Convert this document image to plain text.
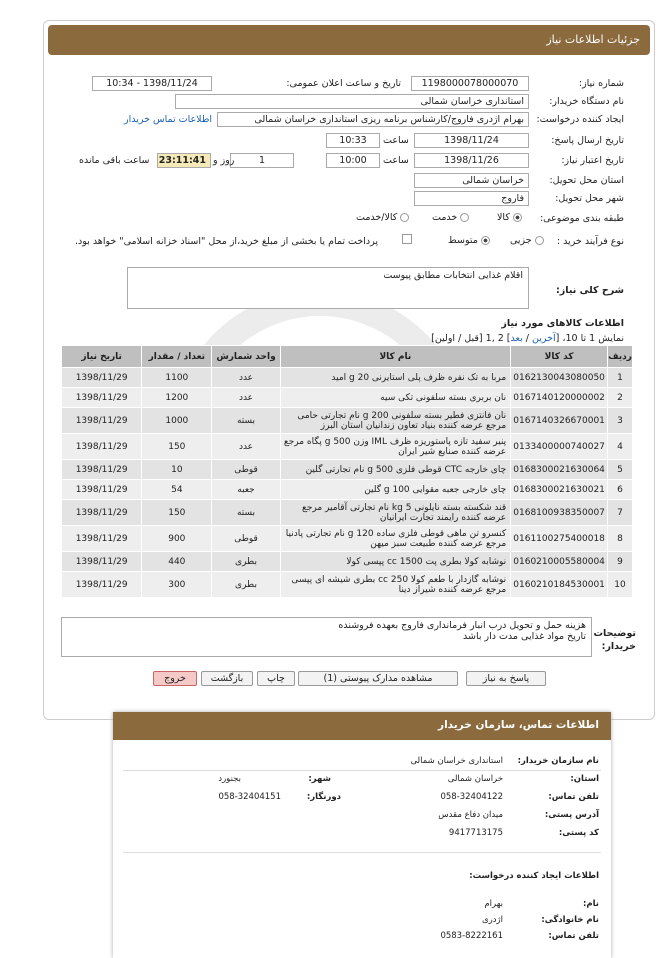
جزئیات اطلاعات نیاز
شماره نیاز:
1198000078000070
تاریخ و ساعت اعلان عمومی:
1398/11/24 - 10:34
نام دستگاه خریدار:
استانداری خراسان شمالی
ایجاد کننده درخواست:
بهرام اژدری فاروج/کارشناس برنامه ریزی استانداری خراسان شمالی
اطلاعات تماس خریدار
تاریخ ارسال پاسخ:
1398/11/24
ساعت
10:33
تاریخ اعتبار نیاز:
1398/11/26
ساعت
10:00
1
روز و
23:11:41
ساعت باقی مانده
استان محل تحویل:
خراسان شمالی
شهر محل تحویل:
فاروج
طبقه بندی موضوعی:
کالا
خدمت
کالا/خدمت
نوع فرآیند خرید :
جزیی
متوسط
پرداخت تمام یا بخشی از مبلغ خرید،از محل "اسناد خزانه اسلامی" خواهد بود.
شرح کلی نیاز:
اقلام غذایی انتخابات مطابق پیوست
اطلاعات کالاهای مورد نیاز
نمایش 1 تا 10، [آخرین / بعد] 2 ,1 [قبل / اولین]
ردیف	کد کالا	نام کالا	واحد شمارش	تعداد / مقدار	تاریخ نیاز
1	0162130043080050	مربا به تک نفره ظرف پلی استایرنی 20 g امید	عدد	1100	1398/11/29
2	0167140120000002	نان بربری بسته سلفونی تکی سیه	عدد	1200	1398/11/29
3	0167140326670001	نان فانتزی فطیر بسته سلفونی 200 g نام تجارتی حامی مرجع عرضه کننده بنیاد تعاون زندانیان استان البرز	بسته	1000	1398/11/29
4	0133400000740027	پنیر سفید تازه پاستوریزه ظرف IML وزن 500 g پگاه مرجع عرضه کننده صنایع شیر ایران	عدد	150	1398/11/29
5	0168300021630064	چای خارجه CTC قوطی فلزی 500 g نام تجارتی گلین	قوطی	10	1398/11/29
6	0168300021630021	چای خارجی جعبه مقوایی 100 g گلین	جعبه	54	1398/11/29
7	0168100938350007	قند شکسته بسته نایلونی 5 kg نام تجارتی آقامیر مرجع عرضه کننده رایمند تجارت ایرانیان	بسته	150	1398/11/29
8	0161100275400018	کنسرو تن ماهی قوطی فلزی ساده 120 g نام تجارتی پادنیا مرجع عرضه کننده طبیعت سبز میهن	قوطی	900	1398/11/29
9	0160210005580004	نوشابه کولا بطری پت 1500 cc پپسی کولا	بطری	440	1398/11/29
10	0160210184530001	نوشابه گازدار با طعم کولا 250 cc بطری شیشه ای پپسی مرجع عرضه کننده شیراز دینا	بطری	300	1398/11/29
توضیحات خریدار:
هزینه حمل و تحویل درب انبار فرمانداری فاروج بعهده فروشنده
تاریخ مواد غذایی مدت دار باشد
پاسخ به نیاز
مشاهده مدارک پیوستی (1)
چاپ
بازگشت
خروج
اطلاعات تماس، سازمان خریدار
نام سازمان خریدار:
استانداری خراسان شمالی
استان:
خراسان شمالی
شهر:
بجنورد
تلفن تماس:
058-32404122
دورنگار:
058-32404151
آدرس پستی:
میدان دفاع مقدس
کد پستی:
9417713175
اطلاعات ایجاد کننده درخواست:
نام:
بهرام
نام خانوادگی:
اژدری
تلفن تماس:
0583-8222161
